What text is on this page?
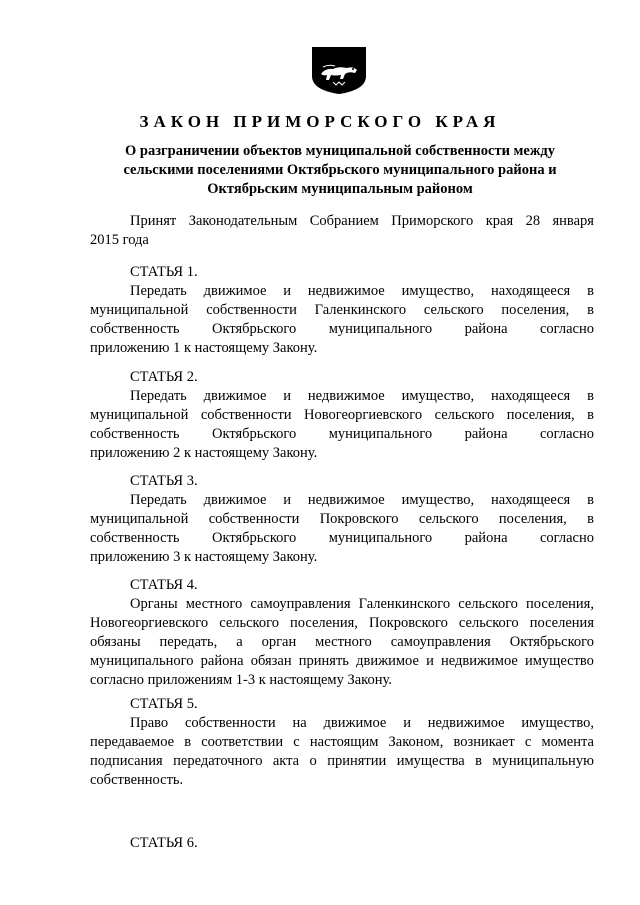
ЗАКОН ПРИМОРСКОГО КРАЯ
О разграничении объектов муниципальной собственности между
сельскими поселениями Октябрьского муниципального района и
Октябрьским муниципальным районом
Принят Законодательным Собранием Приморского края 28 января
2015 года
СТАТЬЯ 1.
Передать движимое и недвижимое имущество, находящееся в
муниципальной собственности Галенкинского сельского поселения, в
собственность Октябрьского муниципального района согласно
приложению 1 к настоящему Закону.
СТАТЬЯ 2.
Передать движимое и недвижимое имущество, находящееся в
муниципальной собственности Новогеоргиевского сельского поселения, в
собственность Октябрьского муниципального района согласно
приложению 2 к настоящему Закону.
СТАТЬЯ 3.
Передать движимое и недвижимое имущество, находящееся в
муниципальной собственности Покровского сельского поселения, в
собственность Октябрьского муниципального района согласно
приложению 3 к настоящему Закону.
СТАТЬЯ 4.
Органы местного самоуправления Галенкинского сельского поселения,
Новогеоргиевского сельского поселения, Покровского сельского поселения
обязаны передать, а орган местного самоуправления Октябрьского
муниципального района обязан принять движимое и недвижимое имущество
согласно приложениям 1-3 к настоящему Закону.
СТАТЬЯ 5.
Право собственности на движимое и недвижимое имущество,
передаваемое в соответствии с настоящим Законом, возникает с момента
подписания передаточного акта о принятии имущества в муниципальную
собственность.
СТАТЬЯ 6.
